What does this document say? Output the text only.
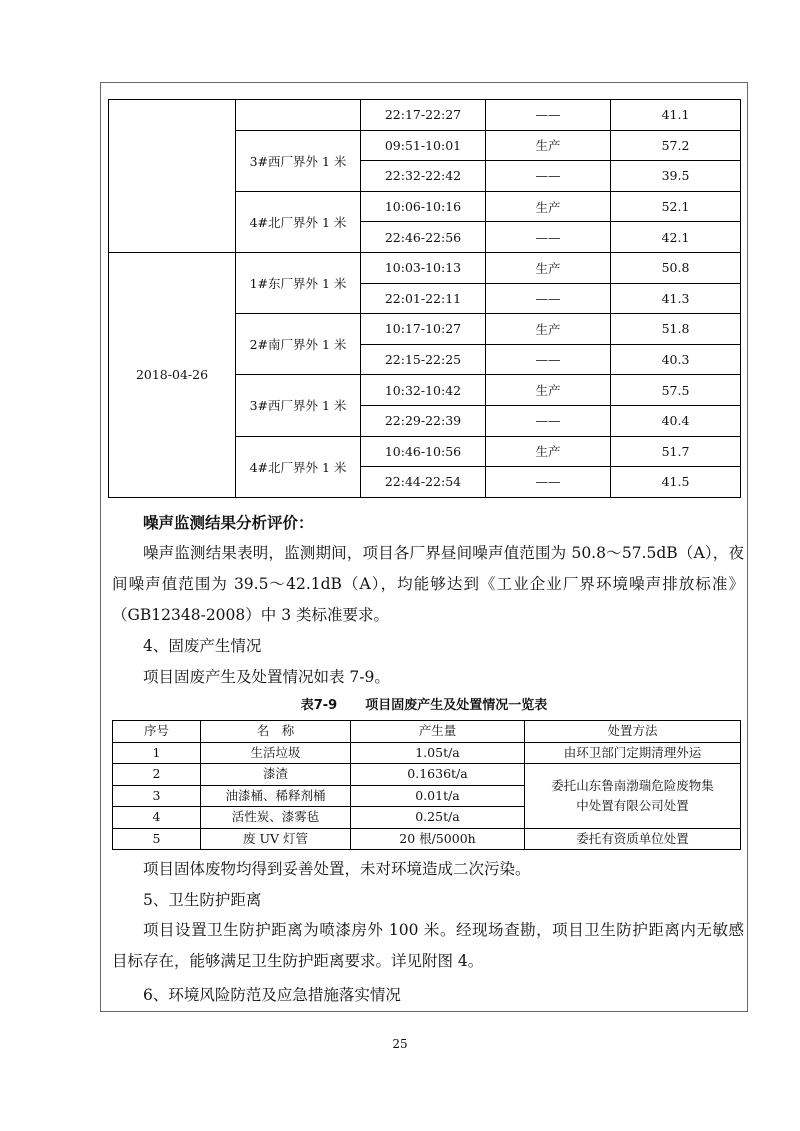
		22:17-22:27	——	41.1
	3#西厂界外 1 米	09:51-10:01	生产	57.2
		22:32-22:42	——	39.5
	4#北厂界外 1 米	10:06-10:16	生产	52.1
		22:46-22:56	——	42.1
2018-04-26	1#东厂界外 1 米	10:03-10:13	生产	50.8
		22:01-22:11	——	41.3
	2#南厂界外 1 米	10:17-10:27	生产	51.8
		22:15-22:25	——	40.3
	3#西厂界外 1 米	10:32-10:42	生产	57.5
		22:29-22:39	——	40.4
	4#北厂界外 1 米	10:46-10:56	生产	51.7
		22:44-22:54	——	41.5
噪声监测结果分析评价：
噪声监测结果表明，监测期间，项目各厂界昼间噪声值范围为 50.8～57.5dB（A），夜
间噪声值范围为 39.5～42.1dB（A），均能够达到《工业企业厂界环境噪声排放标准》
（GB12348-2008）中 3 类标准要求。
4、固废产生情况
项目固废产生及处置情况如表 7-9。
表7-9 项目固废产生及处置情况一览表
序号	名　称	产生量	处置方法
1	生活垃圾	1.05t/a	由环卫部门定期清理外运
2	漆渣	0.1636t/a	委托山东鲁南渤瑞危险废物集
中处置有限公司处置

3	油漆桶、稀释剂桶	0.01t/a	
4	活性炭、漆雾毡	0.25t/a	
5	废 UV 灯管	20 根/5000h	委托有资质单位处置
项目固体废物均得到妥善处置，未对环境造成二次污染。
5、卫生防护距离
项目设置卫生防护距离为喷漆房外 100 米。经现场查勘，项目卫生防护距离内无敏感
目标存在，能够满足卫生防护距离要求。详见附图 4。
6、环境风险防范及应急措施落实情况
25
